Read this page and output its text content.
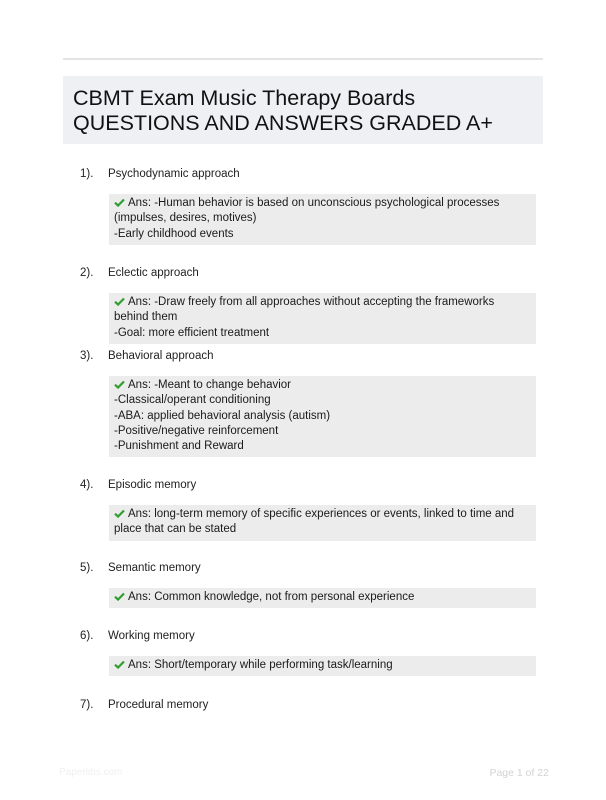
CBMT Exam Music Therapy Boards QUESTIONS AND ANSWERS GRADED A+
1).	Psychodynamic approach
Ans: -Human behavior is based on unconscious psychological processes (impulses, desires, motives)
-Early childhood events
2).	Eclectic approach
Ans: -Draw freely from all approaches without accepting the frameworks behind them
-Goal: more efficient treatment
3).	Behavioral approach
Ans: -Meant to change behavior
-Classical/operant conditioning
-ABA: applied behavioral analysis (autism)
-Positive/negative reinforcement
-Punishment and Reward
4).	Episodic memory
Ans: long-term memory of specific experiences or events, linked to time and place that can be stated
5).	Semantic memory
Ans: Common knowledge, not from personal experience
6).	Working memory
Ans: Short/temporary while performing task/learning
7).	Procedural memory
Paperlibs.com	Page 1 of 22
